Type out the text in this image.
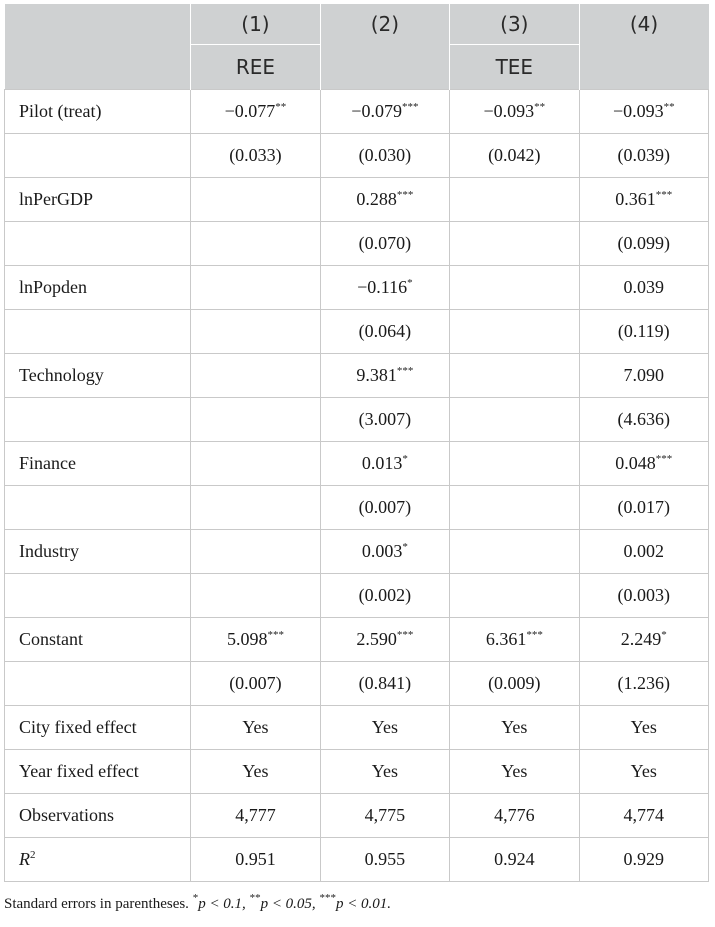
	(1)	(2)	(3)	(4)
	REE		TEE	
Pilot (treat)	−0.077**	−0.079***	−0.093**	−0.093**
	(0.033)	(0.030)	(0.042)	(0.039)
lnPerGDP		0.288***		0.361***
		(0.070)		(0.099)
lnPopden		−0.116*		0.039
		(0.064)		(0.119)
Technology		9.381***		7.090
		(3.007)		(4.636)
Finance		0.013*		0.048***
		(0.007)		(0.017)
Industry		0.003*		0.002
		(0.002)		(0.003)
Constant	5.098***	2.590***	6.361***	2.249*
	(0.007)	(0.841)	(0.009)	(1.236)
City fixed effect	Yes	Yes	Yes	Yes
Year fixed effect	Yes	Yes	Yes	Yes
Observations	4,777	4,775	4,776	4,774
$R^2$	0.951	0.955	0.924	0.929
Standard errors in parentheses. *p < 0.1, **p < 0.05, ***p < 0.01.
